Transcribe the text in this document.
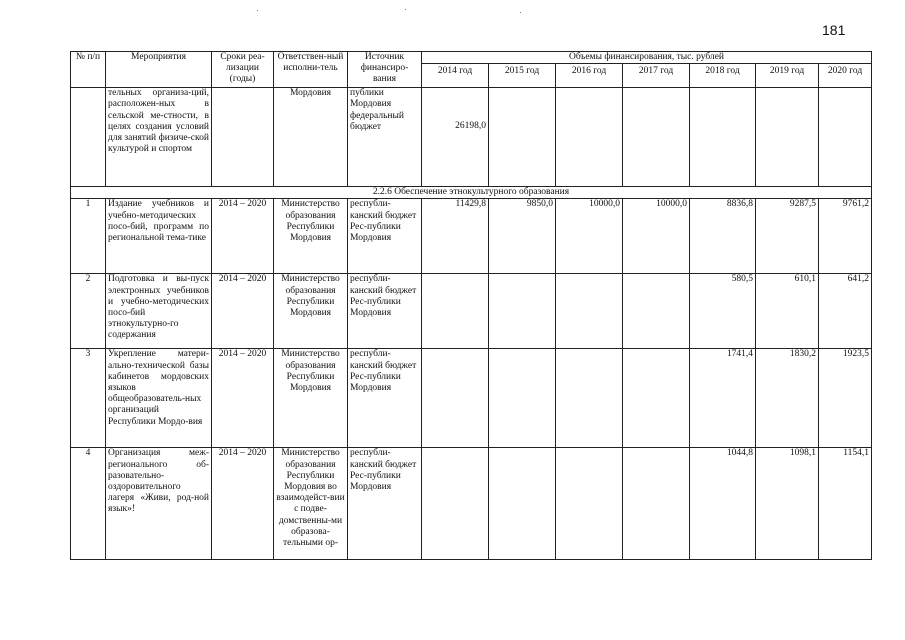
181
№ п/п	Мероприятия	Сроки реа-лизации (годы)	Ответствен-ный исполни-тель	Источник финансиро-вания	Объемы финансирования, тыс. рублей						
					2014 год	2015 год	2016 год	2017 год	2018 год	2019 год	2020 год
	тельных организа-ций, расположен-ных в сельской ме-стности, в целях создания условий для занятий физиче-ской культурой и спортом		Мордовия	публики Мордовия федеральный бюджет	26198,0						
2.2.6 Обеспечение этнокультурного образования											
1	Издание учебников и учебно-методических посо-бий, программ по региональной тема-тике	2014 – 2020	Министерство образования Республики Мордовия	республи-канский бюджет Рес-публики Мордовия	11429,8	9850,0	10000,0	10000,0	8836,8	9287,5	9761,2
2	Подготовка и вы-пуск электронных учебников и учебно-методических посо-бий этнокультурно-го содержания	2014 – 2020	Министерство образования Республики Мордовия	республи-канский бюджет Рес-публики Мордовия					580,5	610,1	641,2
3	Укрепление матери-ально-технической базы кабинетов мордовских языков общеобразователь-ных организаций Республики Мордо-вия	2014 – 2020	Министерство образования Республики Мордовия	республи-канский бюджет Рес-публики Мордовия					1741,4	1830,2	1923,5
4	Организация меж-регионального об-разовательно-оздоровительного лагеря «Живи, род-ной язык»!	2014 – 2020	Министерство образования Республики Мордовия во взаимодейст-вии с подве-домственны-ми образова-тельными ор-	республи-канский бюджет Рес-публики Мордовия					1044,8	1098,1	1154,1
